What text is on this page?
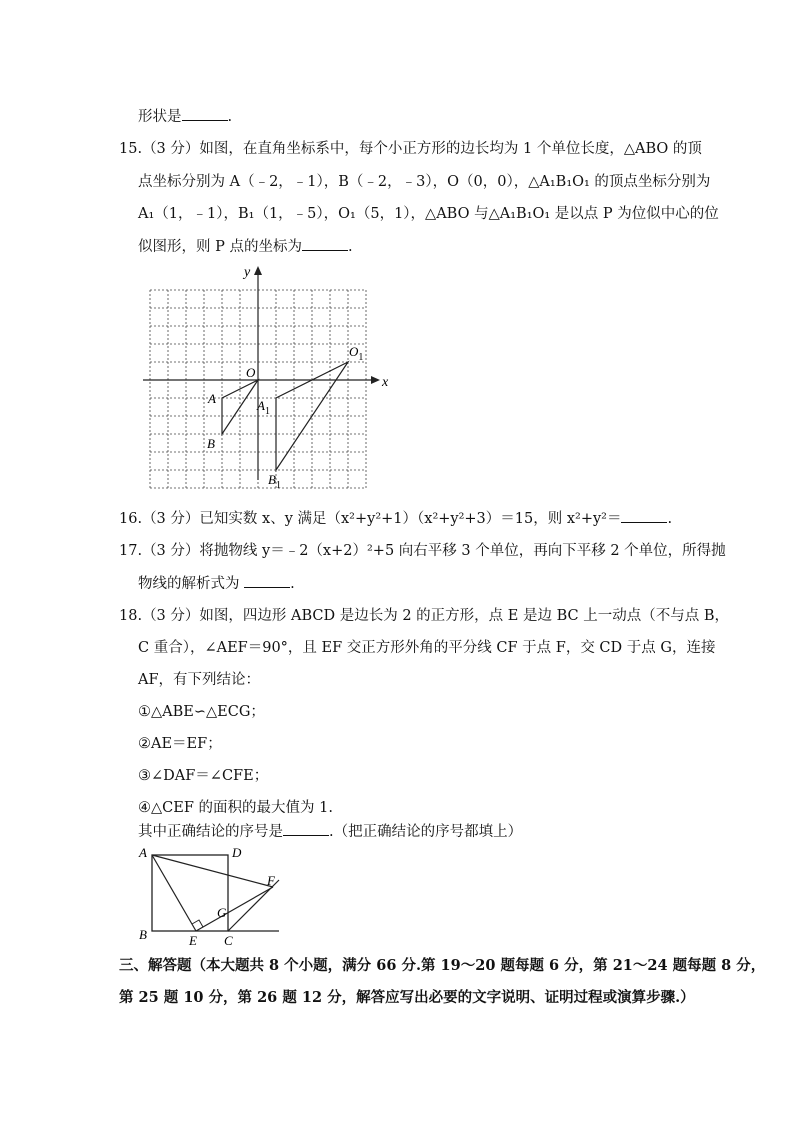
形状是	.
15.（3 分）如图，在直角坐标系中，每个小正方形的边长均为 1 个单位长度，△ABO 的顶
点坐标分别为 A（﹣2，﹣1），B（﹣2，﹣3），O（0，0），△A₁B₁O₁ 的顶点坐标分别为
A₁（1，﹣1），B₁（1，﹣5），O₁（5，1），△ABO 与△A₁B₁O₁ 是以点 P 为位似中心的位
似图形，则 P 点的坐标为	.
x
y
A
B
O
$A_1$
$B_1$
$O_1$
16.（3 分）已知实数 x、y 满足（x²+y²+1）（x²+y²+3）＝15，则 x²+y²＝	.
17.（3 分）将抛物线 y＝﹣2（x+2）²+5 向右平移 3 个单位，再向下平移 2 个单位，所得抛
物线的解析式为	.
18.（3 分）如图，四边形 ABCD 是边长为 2 的正方形，点 E 是边 BC 上一动点（不与点 B，
C 重合），∠AEF＝90°，且 EF 交正方形外角的平分线 CF 于点 F，交 CD 于点 G，连接
AF，有下列结论：
①△ABE∽△ECG；
②AE＝EF；
③∠DAF＝∠CFE；
④△CEF 的面积的最大值为 1.
其中正确结论的序号是	.（把正确结论的序号都填上）
A	D
B	E C
G
F
三、解答题（本大题共 8 个小题，满分 66 分.第 19～20 题每题 6 分，第 21～24 题每题 8 分，
第 25 题 10 分，第 26 题 12 分，解答应写出必要的文字说明、证明过程或演算步骤.）
